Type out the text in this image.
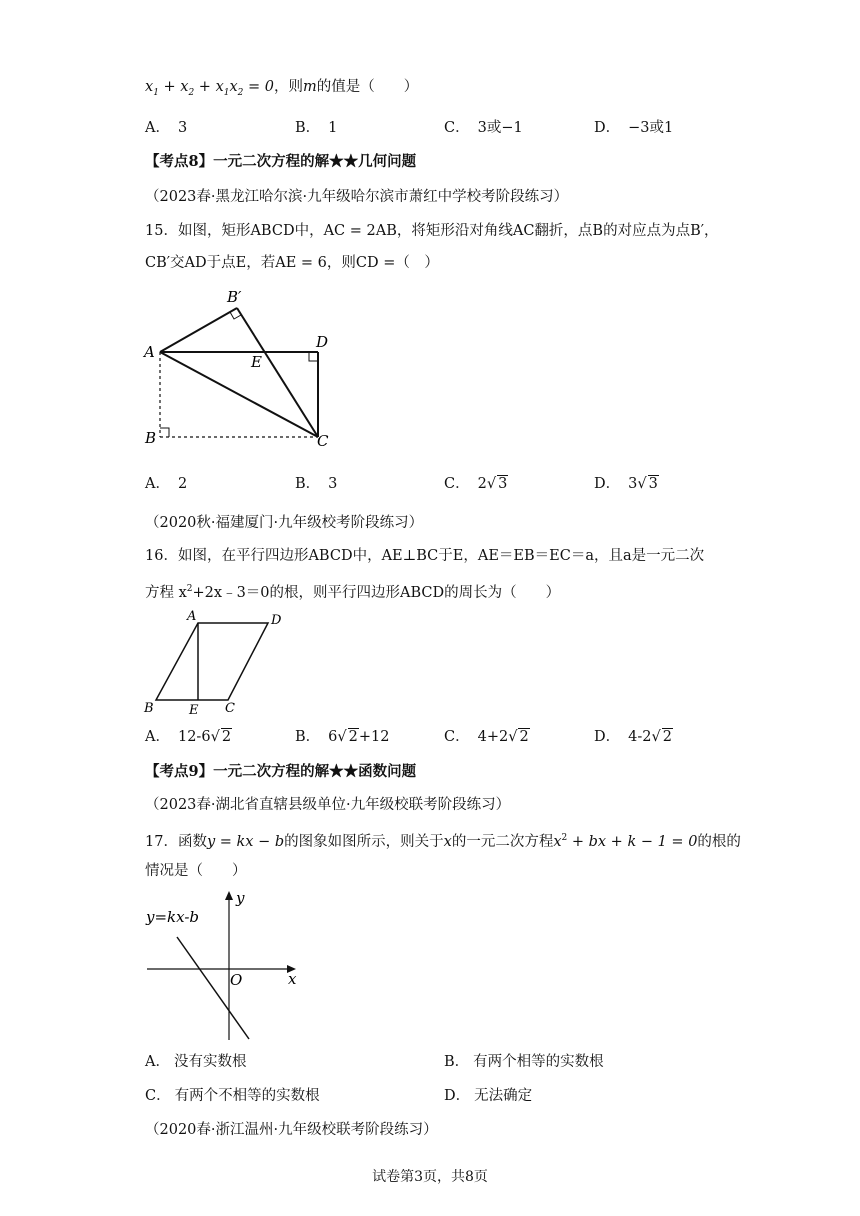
$x_1 + x_2 + x_1x_2 = 0$，则m的值是（　　）
A． 3	B． 1	C． 3或−1	D． −3或1
【考点8】一元二次方程的解★★几何问题
（2023春·黑龙江哈尔滨·九年级哈尔滨市萧红中学校考阶段练习）
15．如图，矩形ABCD中，AC = 2AB，将矩形沿对角线AC翻折，点B的对应点为点B′，
CB′交AD于点E，若AE = 6，则CD =（　）
B′
A
E
D
B	C
A． 2	B． 3	C． 2√ 3	D． 3√ 3
（2020秋·福建厦门·九年级校考阶段练习）
16．如图，在平行四边形ABCD中，AE⊥BC于E，AE＝EB＝EC＝a，且a是一元二次
方程 $x^2+2x﹣3=0$的根，则平行四边形ABCD的周长为（　　）
A	D
B	E C
A． 12-6√ 2	B． 6√ 2+12	C． 4+2√ 2	D． 4-2√ 2
【考点9】一元二次方程的解★★函数问题
（2023春·湖北省直辖县级单位·九年级校联考阶段练习）
17．函数y = kx − b的图象如图所示，则关于x的一元二次方程$x^2$ + bx + k − 1 = 0的根的
情况是（　　）
y
y=kx-b
O	x
A． 没有实数根	B． 有两个相等的实数根
C． 有两个不相等的实数根	D． 无法确定
（2020春·浙江温州·九年级校联考阶段练习）
试卷第3页，共8页
